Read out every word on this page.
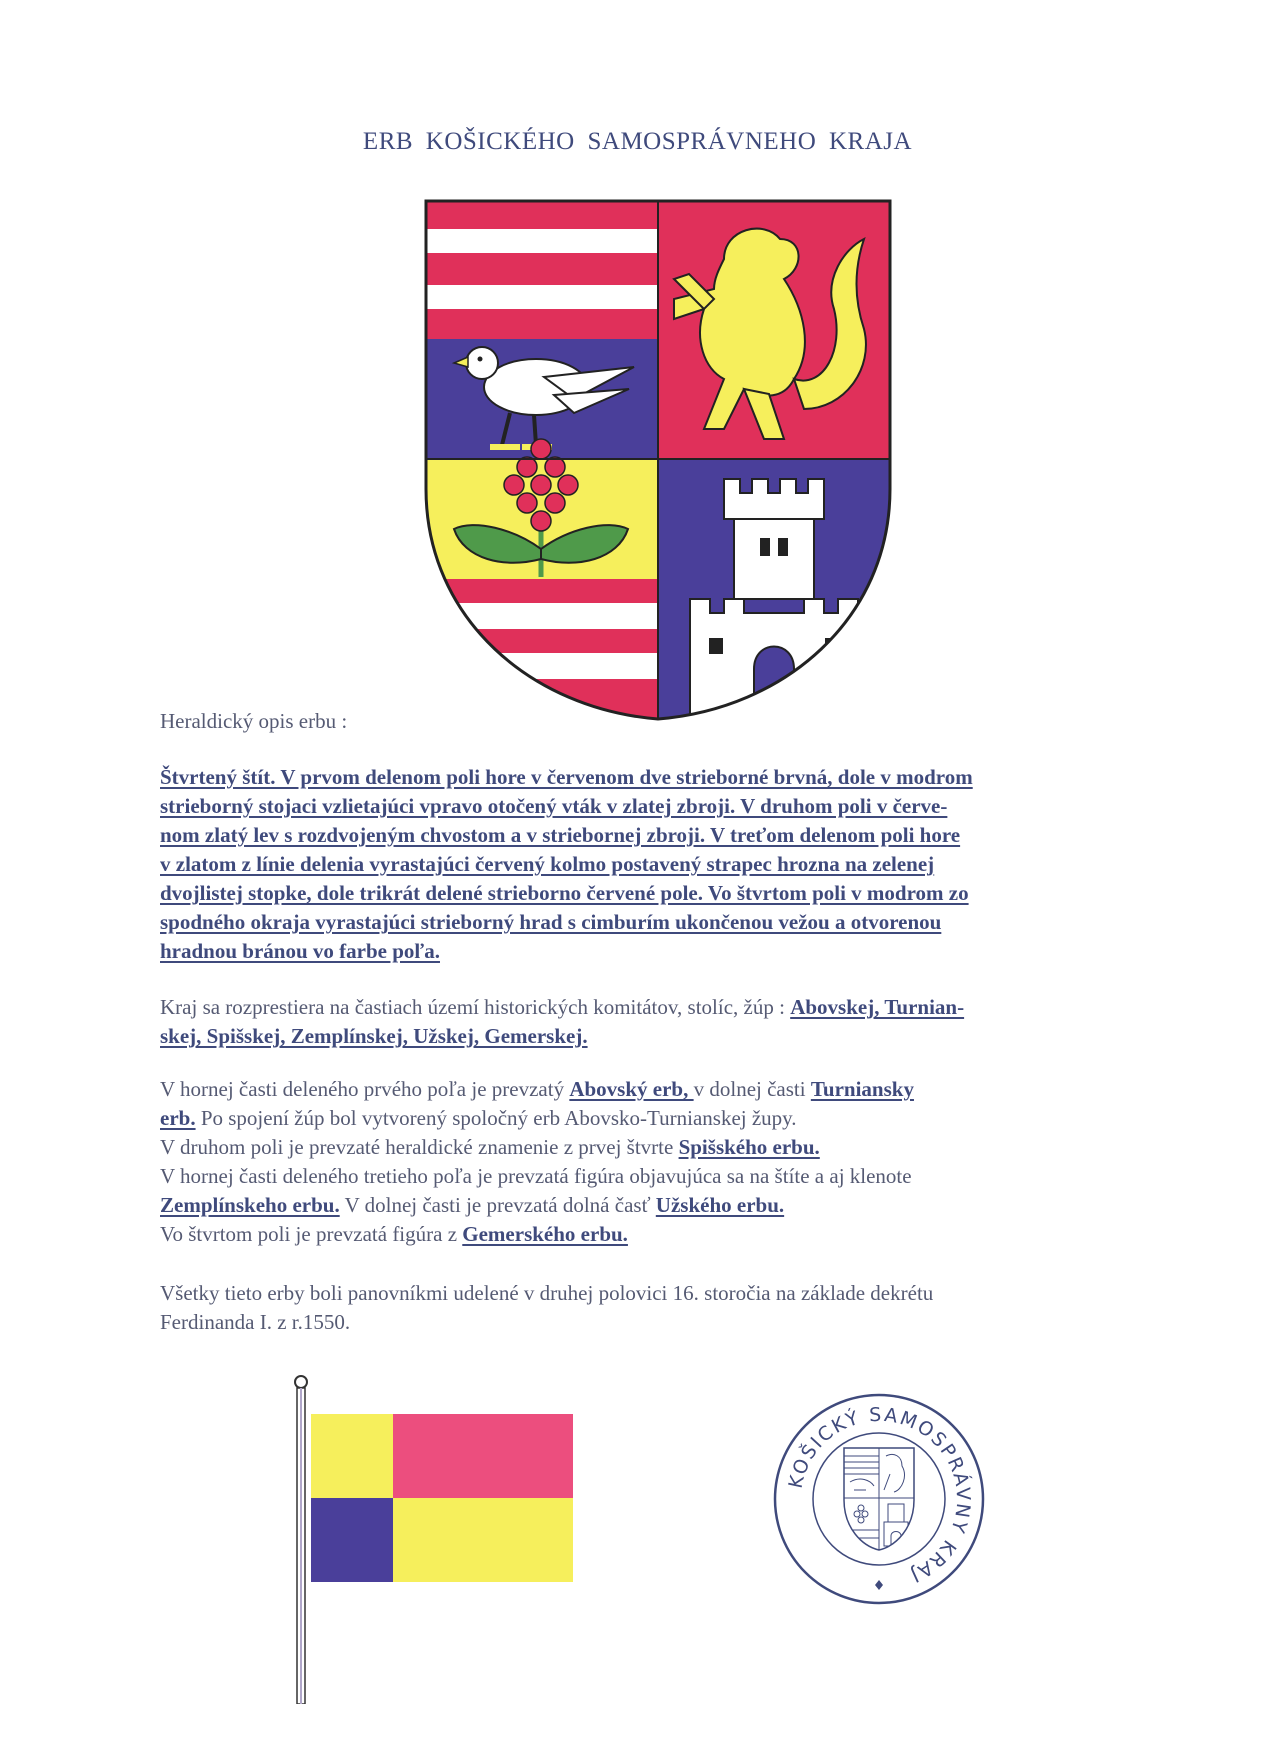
ERB KOŠICKÉHO SAMOSPRÁVNEHO KRAJA
Heraldický opis erbu :
Štvrtený štít. V prvom delenom poli hore v červenom dve strieborné brvná, dole v modrom
strieborný stojaci vzlietajúci vpravo otočený vták v zlatej zbroji. V druhom poli v červe-
nom zlatý lev s rozdvojeným chvostom a v striebornej zbroji. V treťom delenom poli hore
v zlatom z línie delenia vyrastajúci červený kolmo postavený strapec hrozna na zelenej
dvojlistej stopke, dole trikrát delené strieborno červené pole. Vo štvrtom poli v modrom zo
spodného okraja vyrastajúci strieborný hrad s cimburím ukončenou vežou a otvorenou
hradnou bránou vo farbe poľa.
Kraj sa rozprestiera na častiach území historických komitátov, stolíc, žúp : Abovskej, Turnian-
skej, Spišskej, Zemplínskej, Užskej, Gemerskej.
V hornej časti deleného prvého poľa je prevzatý Abovský erb, v dolnej časti Turniansky
erb. Po spojení žúp bol vytvorený spoločný erb Abovsko-Turnianskej župy.
V druhom poli je prevzaté heraldické znamenie z prvej štvrte Spišského erbu.
V hornej časti deleného tretieho poľa je prevzatá figúra objavujúca sa na štíte a aj klenote
Zemplínskeho erbu. V dolnej časti je prevzatá dolná časť Užského erbu.
Vo štvrtom poli je prevzatá figúra z Gemerského erbu.
Všetky tieto erby boli panovníkmi udelené v druhej polovici 16. storočia na základe dekrétu
Ferdinanda I. z r.1550.
KOŠICKÝ SAMOSPRÁVNY KRAJ
